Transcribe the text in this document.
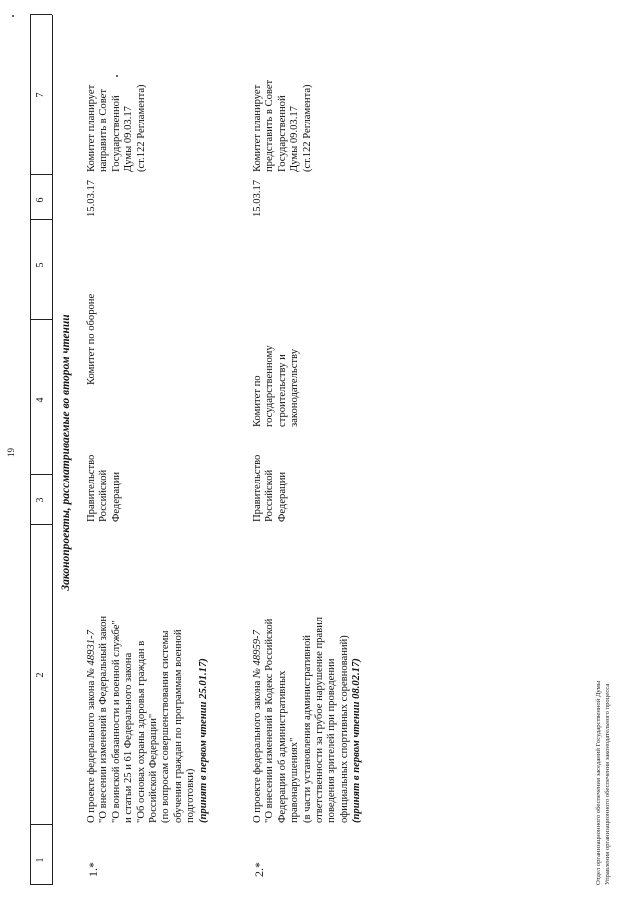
19
1
2
3
4
5
6
7
Законопроекты, рассматриваемые во втором чтении
1.*
О проекте федерального закона № 48931-7 "О внесении изменений в Федеральный закон "О воинской обязанности и военной службе" и статьи 25 и 61 Федерального закона "Об основах охраны здоровья граждан в Российской Федерации" (по вопросам совершенствования системы обучения граждан по программам военной подготовки) (принят в первом чтении 25.01.17)
Правительство Российской Федерации
Комитет по обороне
15.03.17
Комитет планирует направить в Совет Государственной Думы 09.03.17 (ст.122 Регламента)
2.*
О проекте федерального закона № 48959-7 "О внесении изменений в Кодекс Российской Федерации об административных правонарушениях" (в части установления административной ответственности за грубое нарушение правил поведения зрителей при проведении официальных спортивных соревнований) (принят в первом чтении 08.02.17)
Правительство Российской Федерации
Комитет по государственному строительству и законодательству
15.03.17
Комитет планирует представить в Совет Государственной Думы 09.03.17 (ст.122 Регламента)
Отдел организационного обеспечения заседаний Государственной Думы Управления организационного обеспечения законодательного процесса
